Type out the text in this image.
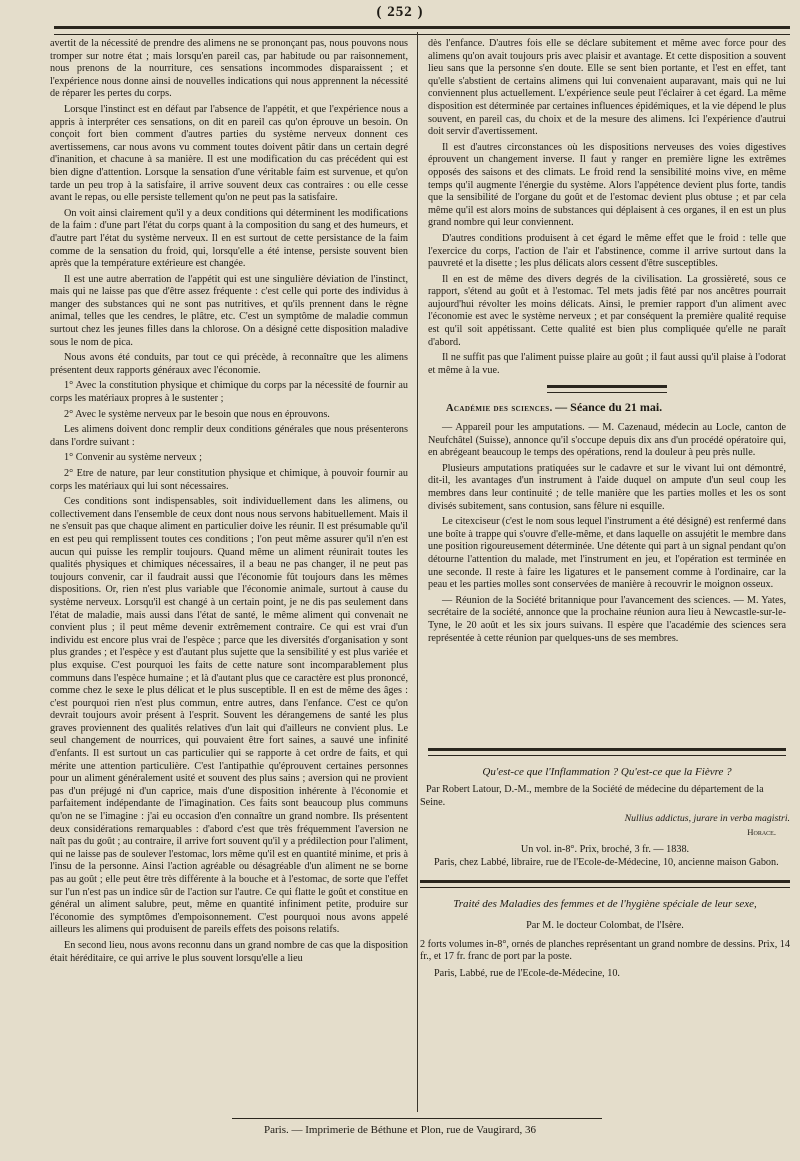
( 252 )

avertit de la nécessité de prendre des alimens ne se prononçant pas, nous pouvons nous tromper sur notre état ; mais lorsqu'en pareil cas, par habitude ou par raisonnement, nous prenons de la nourriture, ces sensations incommodes disparaissent ; et l'expérience nous donne ainsi de nouvelles indications qui nous apprennent la nécessité de réparer les pertes du corps.

Lorsque l'instinct est en défaut par l'absence de l'appétit, et que l'expérience nous a appris à interpréter ces sensations, on dit en pareil cas qu'on éprouve un besoin. On conçoit fort bien comment d'autres parties du système nerveux donnent ces avertissemens, car nous avons vu comment toutes doivent pâtir dans un certain degré d'inanition, et chacune à sa manière. Il est une modification du cas précédent qui est bien digne d'attention. Lorsque la sensation d'une véritable faim est survenue, et qu'on tarde un peu trop à la satisfaire, il arrive souvent deux cas contraires : ou elle cesse avant le repas, ou elle persiste tellement qu'on ne peut pas la satisfaire.

On voit ainsi clairement qu'il y a deux conditions qui déterminent les modifications de la faim : d'une part l'état du corps quant à la composition du sang et des humeurs, et d'autre part l'état du système nerveux. Il en est surtout de cette persistance de la faim comme de la sensation du froid, qui, lorsqu'elle a été intense, persiste souvent bien après que la température extérieure est changée.

Il est une autre aberration de l'appétit qui est une singulière déviation de l'instinct, mais qui ne laisse pas que d'être assez fréquente : c'est celle qui porte des individus à manger des substances qui ne sont pas nutritives, et qu'ils prennent dans le règne animal, telles que les cendres, le plâtre, etc. C'est un symptôme de maladie commun surtout chez les jeunes filles dans la chlorose. On a désigné cette disposition maladive sous le nom de pica.

Nous avons été conduits, par tout ce qui précède, à reconnaître que les alimens présentent deux rapports généraux avec l'économie.

1° Avec la constitution physique et chimique du corps par la nécessité de fournir au corps les matériaux propres à le sustenter ;

2° Avec le système nerveux par le besoin que nous en éprouvons.

Les alimens doivent donc remplir deux conditions générales que nous présenterons dans l'ordre suivant :

1° Convenir au système nerveux ;

2° Etre de nature, par leur constitution physique et chimique, à pouvoir fournir au corps les matériaux qui lui sont nécessaires.

Ces conditions sont indispensables, soit individuellement dans les alimens, ou collectivement dans l'ensemble de ceux dont nous nous servons habituellement. Mais il ne s'ensuit pas que chaque aliment en particulier doive les réunir. Il est présumable qu'il en est peu qui remplissent toutes ces conditions ; l'on peut même assurer qu'il n'en est aucun qui puisse les remplir toujours. Quand même un aliment réunirait toutes les qualités physiques et chimiques nécessaires, il a beau ne pas changer, il ne peut pas toujours convenir, car il faudrait aussi que l'économie fût toujours dans les mêmes dispositions. Or, rien n'est plus variable que l'économie animale, surtout à cause du système nerveux. Lorsqu'il est changé à un certain point, je ne dis pas seulement dans l'état de maladie, mais aussi dans l'état de santé, le même aliment qui convenait ne convient plus ; il peut même devenir extrêmement contraire. Ce qui est vrai d'un individu est encore plus vrai de l'espèce ; parce que les diversités d'organisation y sont plus grandes ; et l'espèce y est d'autant plus sujette que la sensibilité y est plus variée et plus exquise. C'est pourquoi les faits de cette nature sont incomparablement plus communs dans l'espèce humaine ; et là d'autant plus que ce caractère est plus prononcé, comme chez le sexe le plus délicat et le plus susceptible. Il en est de même des âges : c'est pourquoi rien n'est plus commun, entre autres, dans l'enfance. C'est ce qu'on devrait toujours avoir présent à l'esprit. Souvent les dérangemens de santé les plus graves proviennent des qualités relatives d'un lait qui d'ailleurs ne convient plus. Le seul changement de nourrices, qui pouvaient être fort saines, a sauvé une infinité d'enfants. Il est surtout un cas particulier qui se rapporte à cet ordre de faits, et qui mérite une attention particulière. C'est l'antipathie qu'éprouvent certaines personnes pour un aliment généralement usité et souvent des plus sains ; aversion qui ne provient pas d'un préjugé ni d'un caprice, mais d'une disposition inhérente à l'économie et parfaitement indépendante de l'imagination. Ces faits sont beaucoup plus communs qu'on ne se l'imagine : j'ai eu occasion d'en connaître un grand nombre. Ils présentent deux considérations remarquables : d'abord c'est que très fréquemment l'aversion ne naît pas du goût ; au contraire, il arrive fort souvent qu'il y a prédilection pour l'aliment, qui ne laisse pas de soulever l'estomac, lors même qu'il est en quantité minime, et pris à l'insu de la personne. Ainsi l'action agréable ou désagréable d'un aliment ne se borne pas au goût ; elle peut être très différente à la bouche et à l'estomac, de sorte que l'effet sur l'un n'est pas un indice sûr de l'action sur l'autre. Ce qui flatte le goût et constitue en général un aliment salubre, peut, même en quantité infiniment petite, produire sur l'économie des symptômes d'empoisonnement. C'est pourquoi nous avons appelé ailleurs les alimens qui produisent de pareils effets des poisons relatifs.

En second lieu, nous avons reconnu dans un grand nombre de cas que la disposition était héréditaire, ce qui arrive le plus souvent lorsqu'elle a lieu

dès l'enfance. D'autres fois elle se déclare subitement et même avec force pour des alimens qu'on avait toujours pris avec plaisir et avantage. Et cette disposition a souvent lieu sans que la personne s'en doute. Elle se sent bien portante, et l'est en effet, tant qu'elle s'abstient de certains alimens qui lui convenaient auparavant, mais qui ne lui conviennent plus actuellement. L'expérience seule peut l'éclairer à cet égard. La même disposition est déterminée par certaines influences épidémiques, et la vie dépend le plus souvent, en pareil cas, du choix et de la mesure des alimens. Ici l'expérience d'autrui doit servir d'avertissement.

Il est d'autres circonstances où les dispositions nerveuses des voies digestives éprouvent un changement inverse. Il faut y ranger en première ligne les extrêmes opposés des saisons et des climats. Le froid rend la sensibilité moins vive, en même temps qu'il augmente l'énergie du système. Alors l'appétence devient plus forte, tandis que la sensibilité de l'organe du goût et de l'estomac devient plus obtuse ; et par cela même qu'il est alors moins de substances qui déplaisent à ces organes, il en est un plus grand nombre qui leur conviennent.

D'autres conditions produisent à cet égard le même effet que le froid : telle que l'exercice du corps, l'action de l'air et l'abstinence, comme il arrive surtout dans la pauvreté et la disette ; les plus délicats alors cessent d'être susceptibles.

Il en est de même des divers degrés de la civilisation. La grossièreté, sous ce rapport, s'étend au goût et à l'estomac. Tel mets jadis fêté par nos ancêtres pourrait aujourd'hui révolter les moins délicats. Ainsi, le premier rapport d'un aliment avec l'économie est avec le système nerveux ; et par conséquent la première qualité requise est qu'il soit appétissant. Cette qualité est bien plus compliquée qu'elle ne paraît d'abord.

Il ne suffit pas que l'aliment puisse plaire au goût ; il faut aussi qu'il plaise à l'odorat et même à la vue.

Académie des sciences. — Séance du 21 mai.

— Appareil pour les amputations. — M. Cazenaud, médecin au Locle, canton de Neufchâtel (Suisse), annonce qu'il s'occupe depuis dix ans d'un procédé opératoire qui, en abrégeant beaucoup le temps des opérations, rend la douleur à peu près nulle.

Plusieurs amputations pratiquées sur le cadavre et sur le vivant lui ont démontré, dit-il, les avantages d'un instrument à l'aide duquel on ampute d'un seul coup les membres dans leur continuité ; de telle manière que les parties molles et les os sont divisés subitement, sans contusion, sans fêlure ni esquille.

Le citexciseur (c'est le nom sous lequel l'instrument a été désigné) est renfermé dans une boîte à trappe qui s'ouvre d'elle-même, et dans laquelle on assujétit le membre dans une position rigoureusement déterminée. Une détente qui part à un signal pendant qu'on détourne l'attention du malade, met l'instrument en jeu, et l'opération est terminée en une seconde. Il reste à faire les ligatures et le pansement comme à l'ordinaire, car la peau et les parties molles sont conservées de manière à recouvrir le moignon osseux.

— Réunion de la Société britannique pour l'avancement des sciences. — M. Yates, secrétaire de la société, annonce que la prochaine réunion aura lieu à Newcastle-sur-le-Tyne, le 20 août et les six jours suivans. Il espère que l'académie des sciences sera représentée à cette réunion par quelques-uns de ses membres.

Qu'est-ce que l'Inflammation ? Qu'est-ce que la Fièvre ?
Par Robert Latour, D.-M., membre de la Société de médecine du département de la Seine.
Nullius addictus, jurare in verba magistri.
Horace.
Un vol. in-8°. Prix, broché, 3 fr. — 1838.
Paris, chez Labbé, libraire, rue de l'Ecole-de-Médecine, 10, ancienne maison Gabon.
Traité des Maladies des femmes et de l'hygiène spéciale de leur sexe,
Par M. le docteur Colombat, de l'Isère.
2 forts volumes in-8°, ornés de planches représentant un grand nombre de dessins. Prix, 14 fr., et 17 fr. franc de port par la poste.
Paris, Labbé, rue de l'Ecole-de-Médecine, 10.
Paris. — Imprimerie de Béthune et Plon, rue de Vaugirard, 36
